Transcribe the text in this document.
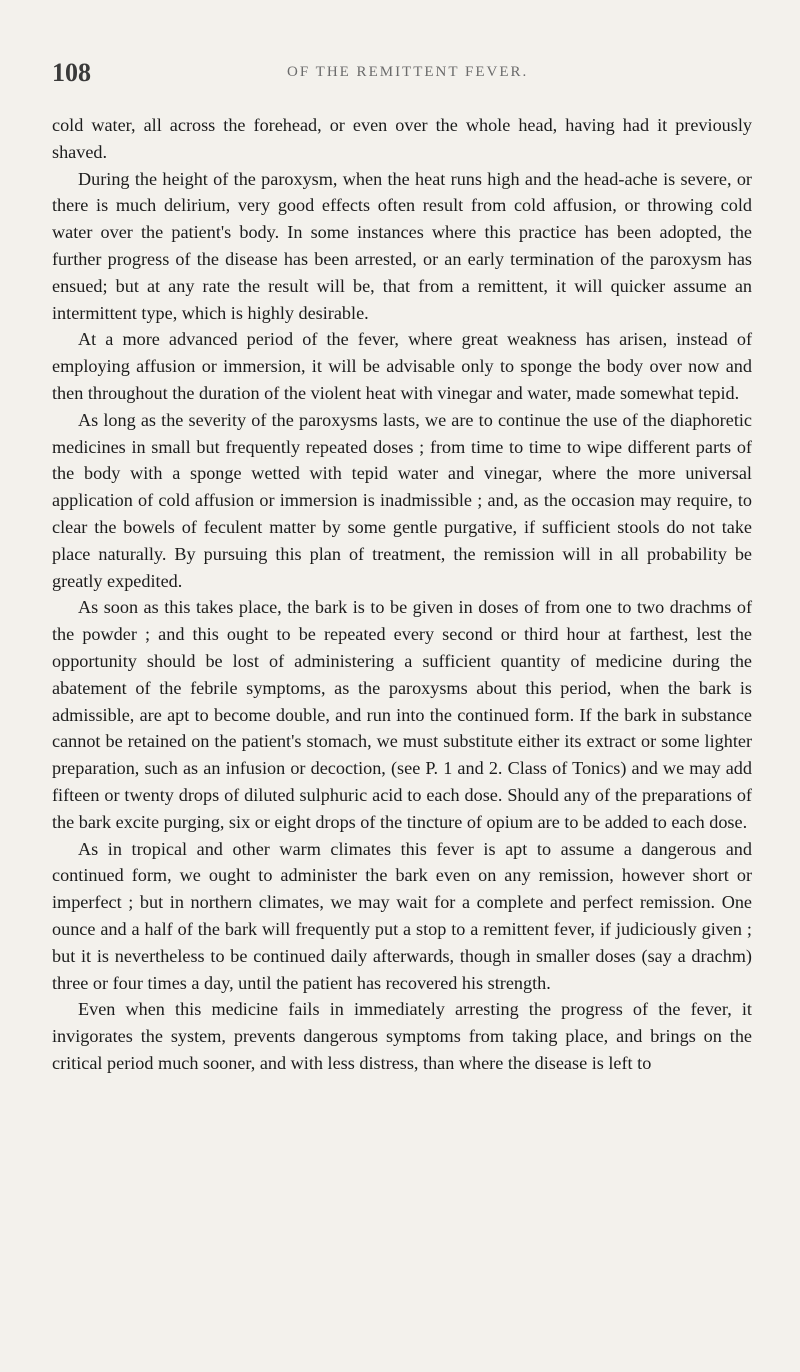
108	OF THE REMITTENT FEVER.

cold water, all across the forehead, or even over the whole head, having had it previously shaved.

During the height of the paroxysm, when the heat runs high and the head-ache is severe, or there is much delirium, very good effects often result from cold affusion, or throwing cold water over the patient's body. In some instances where this practice has been adopted, the further progress of the disease has been arrested, or an early termination of the paroxysm has ensued; but at any rate the result will be, that from a remittent, it will quicker assume an intermittent type, which is highly desirable.

At a more advanced period of the fever, where great weakness has arisen, instead of employing affusion or immersion, it will be advisable only to sponge the body over now and then throughout the duration of the violent heat with vinegar and water, made somewhat tepid.

As long as the severity of the paroxysms lasts, we are to continue the use of the diaphoretic medicines in small but frequently repeated doses ; from time to time to wipe different parts of the body with a sponge wetted with tepid water and vinegar, where the more universal application of cold affusion or immersion is inadmissible ; and, as the occasion may require, to clear the bowels of feculent matter by some gentle purgative, if sufficient stools do not take place naturally. By pursuing this plan of treatment, the remission will in all probability be greatly expedited.

As soon as this takes place, the bark is to be given in doses of from one to two drachms of the powder ; and this ought to be repeated every second or third hour at farthest, lest the opportunity should be lost of administering a sufficient quantity of medicine during the abatement of the febrile symptoms, as the paroxysms about this period, when the bark is admissible, are apt to become double, and run into the continued form. If the bark in substance cannot be retained on the patient's stomach, we must substitute either its extract or some lighter preparation, such as an infusion or decoction, (see P. 1 and 2. Class of Tonics) and we may add fifteen or twenty drops of diluted sulphuric acid to each dose. Should any of the preparations of the bark excite purging, six or eight drops of the tincture of opium are to be added to each dose.

As in tropical and other warm climates this fever is apt to assume a dangerous and continued form, we ought to administer the bark even on any remission, however short or imperfect ; but in northern climates, we may wait for a complete and perfect remission. One ounce and a half of the bark will frequently put a stop to a remittent fever, if judiciously given ; but it is nevertheless to be continued daily afterwards, though in smaller doses (say a drachm) three or four times a day, until the patient has recovered his strength.

Even when this medicine fails in immediately arresting the progress of the fever, it invigorates the system, prevents dangerous symptoms from taking place, and brings on the critical period much sooner, and with less distress, than where the disease is left to
